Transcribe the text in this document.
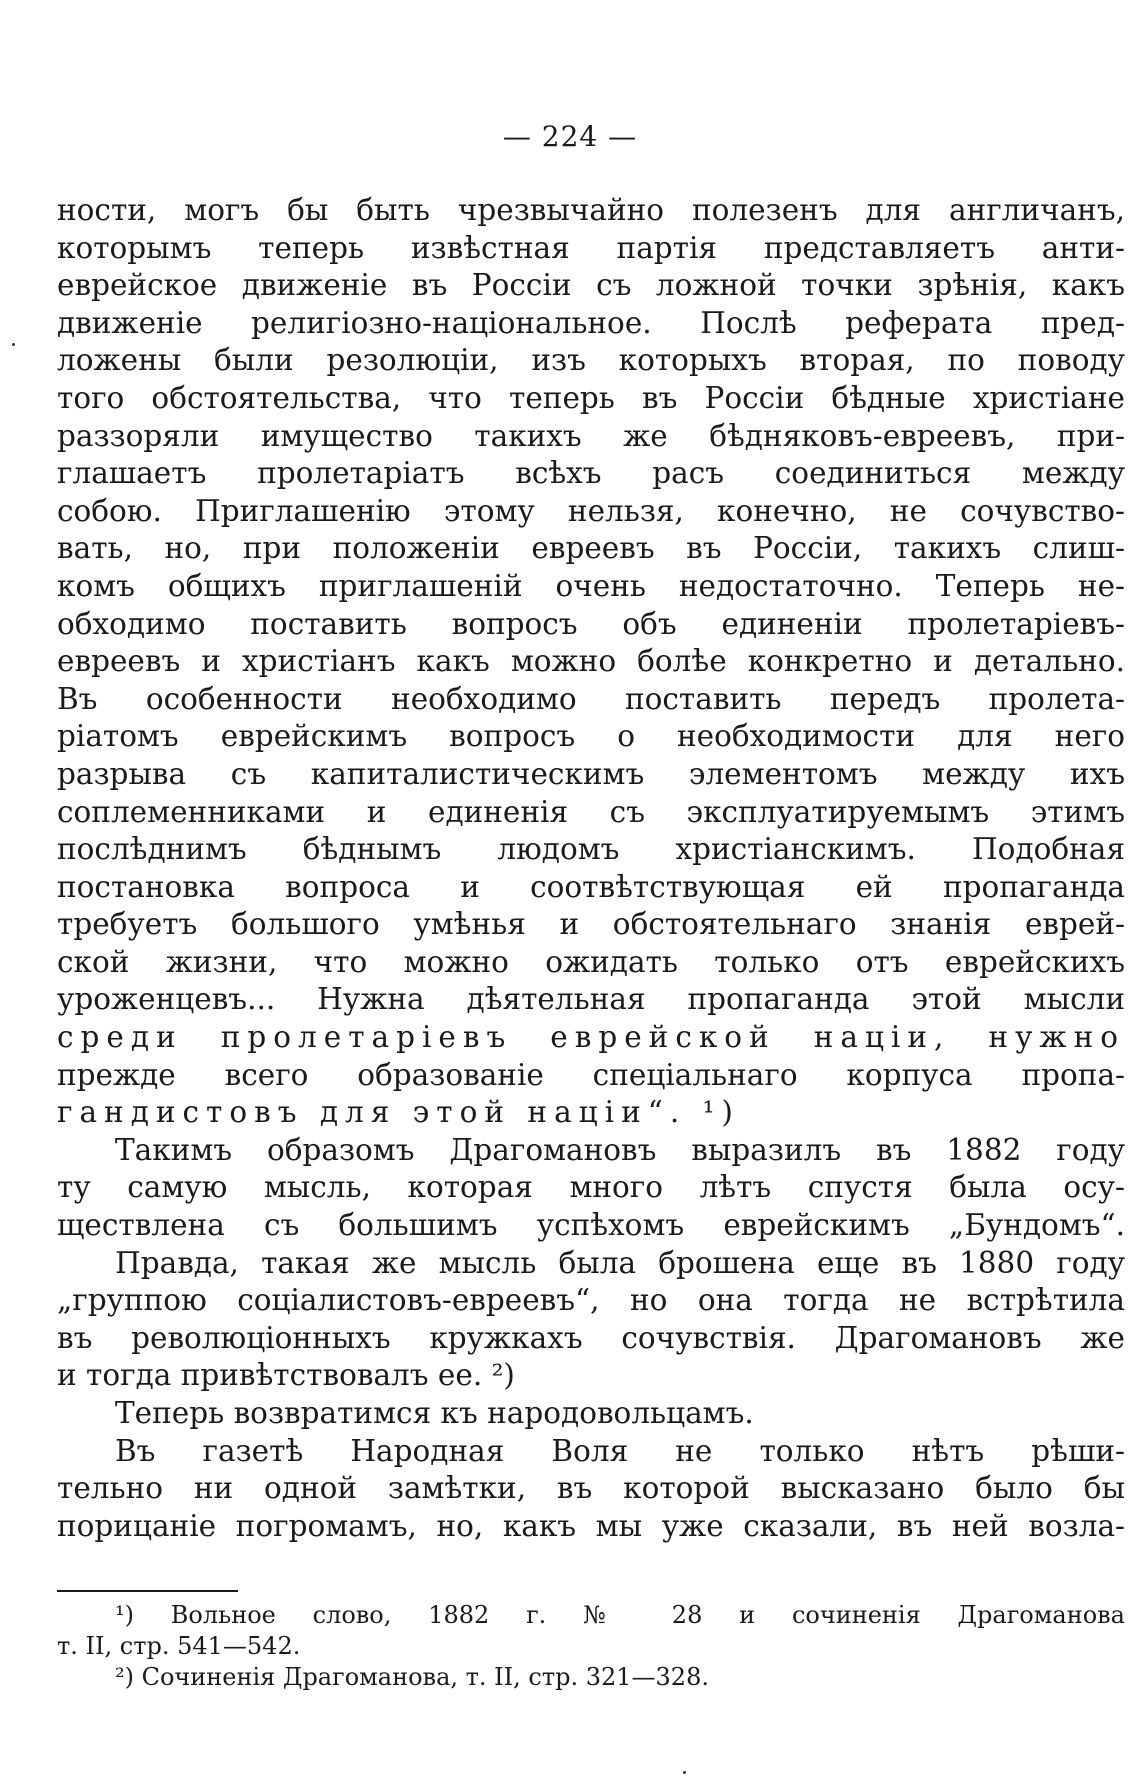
— 224 —
ности, могъ бы быть чрезвычайно полезенъ для англичанъ,
которымъ теперь извѣстная партія представляетъ анти-
еврейское движеніе въ Россіи съ ложной точки зрѣнія, какъ
движеніе религіозно-національное. Послѣ реферата пред-
ложены были резолюціи, изъ которыхъ вторая, по поводу
того обстоятельства, что теперь въ Россіи бѣдные христіане
раззоряли имущество такихъ же бѣдняковъ-евреевъ, при-
глашаетъ пролетаріатъ всѣхъ расъ соединиться между
собою. Приглашенію этому нельзя, конечно, не сочувство-
вать, но, при положеніи евреевъ въ Россіи, такихъ слиш-
комъ общихъ приглашеній очень недостаточно. Теперь не-
обходимо поставить вопросъ объ единеніи пролетаріевъ-
евреевъ и христіанъ какъ можно болѣе конкретно и детально.
Въ особенности необходимо поставить передъ пролета-
ріатомъ еврейскимъ вопросъ о необходимости для него
разрыва съ капиталистическимъ элементомъ между ихъ
соплеменниками и единенія съ эксплуатируемымъ этимъ
послѣднимъ бѣднымъ людомъ христіанскимъ. Подобная
постановка вопроса и соотвѣтствующая ей пропаганда
требуетъ большого умѣнья и обстоятельнаго знанія еврей-
ской жизни, что можно ожидать только отъ еврейскихъ
уроженцевъ... Нужна дѣятельная пропаганда этой мысли
среди пролетаріевъ еврейской націи, нужно
прежде всего образованіе спеціальнаго корпуса пропа-
гандистовъ для этой націи“. ¹)
Такимъ образомъ Драгомановъ выразилъ въ 1882 году
ту самую мысль, которая много лѣтъ спустя была осу-
ществлена съ большимъ успѣхомъ еврейскимъ „Бундомъ“.
Правда, такая же мысль была брошена еще въ 1880 году
„группою соціалистовъ-евреевъ“, но она тогда не встрѣтила
въ революціонныхъ кружкахъ сочувствія. Драгомановъ же
и тогда привѣтствовалъ ее. ²)
Теперь возвратимся къ народовольцамъ.
Въ газетѣ Народная Воля не только нѣтъ рѣши-
тельно ни одной замѣтки, въ которой высказано было бы
порицаніе погромамъ, но, какъ мы уже сказали, въ ней возла-
¹) Вольное слово, 1882 г. № 28 и сочиненія Драгоманова
т. II, стр. 541—542.
²) Сочиненія Драгоманова, т. II, стр. 321—328.
